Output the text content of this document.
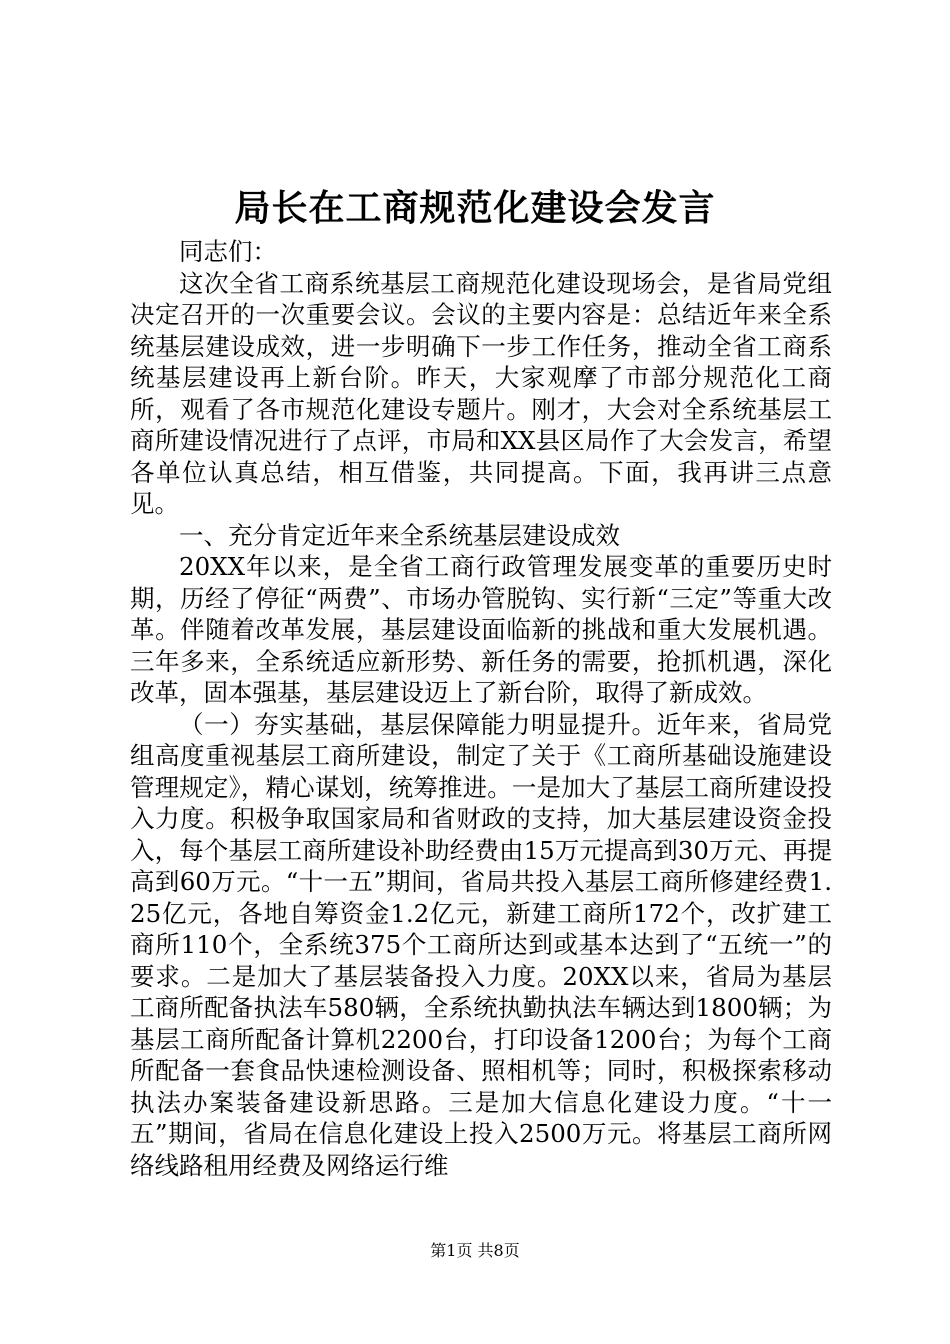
局长在工商规范化建设会发言

同志们：

这次全省工商系统基层工商规范化建设现场会，是省局党组决定召开的一次重要会议。会议的主要内容是：总结近年来全系统基层建设成效，进一步明确下一步工作任务，推动全省工商系统基层建设再上新台阶。昨天，大家观摩了市部分规范化工商所，观看了各市规范化建设专题片。刚才，大会对全系统基层工商所建设情况进行了点评，市局和XX县区局作了大会发言，希望各单位认真总结，相互借鉴，共同提高。下面，我再讲三点意见。

一、充分肯定近年来全系统基层建设成效

20XX年以来，是全省工商行政管理发展变革的重要历史时期，历经了停征“两费”、市场办管脱钩、实行新“三定”等重大改革。伴随着改革发展，基层建设面临新的挑战和重大发展机遇。三年多来，全系统适应新形势、新任务的需要，抢抓机遇，深化改革，固本强基，基层建设迈上了新台阶，取得了新成效。

（一）夯实基础，基层保障能力明显提升。近年来，省局党组高度重视基层工商所建设，制定了关于《工商所基础设施建设管理规定》，精心谋划，统筹推进。一是加大了基层工商所建设投入力度。积极争取国家局和省财政的支持，加大基层建设资金投入，每个基层工商所建设补助经费由15万元提高到30万元、再提高到60万元。“十一五”期间，省局共投入基层工商所修建经费1.25亿元，各地自筹资金1.2亿元，新建工商所172个，改扩建工商所110个，全系统375个工商所达到或基本达到了“五统一”的要求。二是加大了基层装备投入力度。20XX以来，省局为基层工商所配备执法车580辆，全系统执勤执法车辆达到1800辆；为基层工商所配备计算机2200台，打印设备1200台；为每个工商所配备一套食品快速检测设备、照相机等；同时，积极探索移动执法办案装备建设新思路。三是加大信息化建设力度。“十一五”期间，省局在信息化建设上投入2500万元。将基层工商所网络线路租用经费及网络运行维

第1页 共8页
